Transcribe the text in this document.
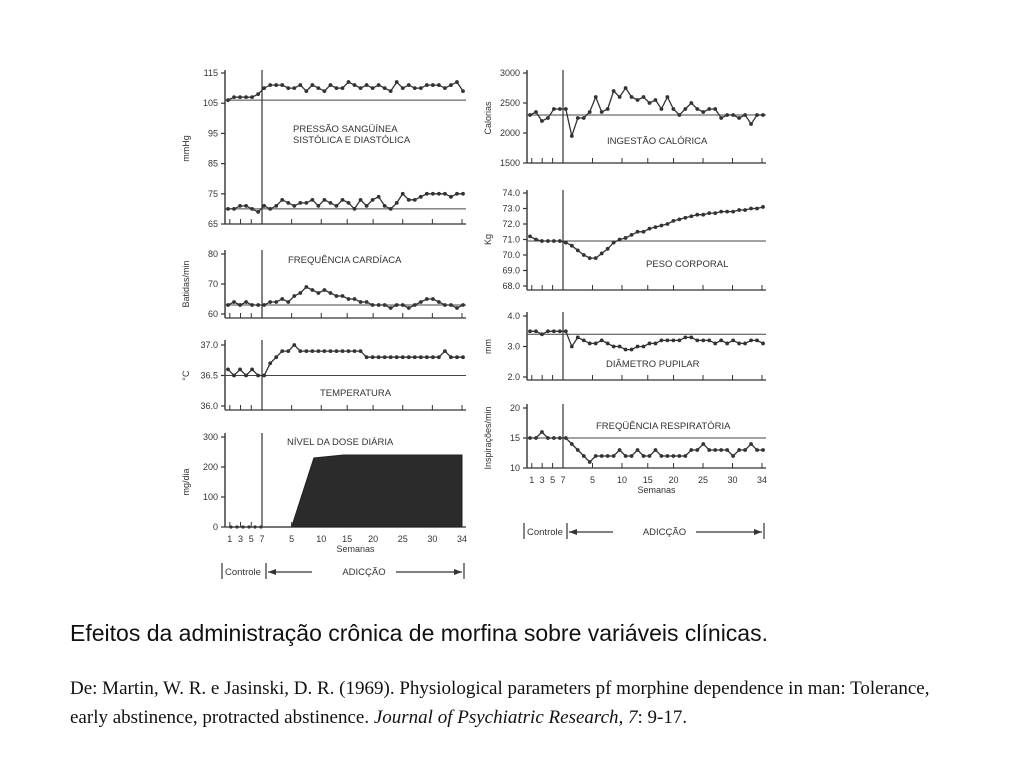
115
105
95
85
75
65
mmHg
PRESSÃO SANGÜÍNEA
SISTÓLICA E DIASTÓLICA
80
70
60
Batidas/min	FREQUÊNCIA CARDÍACA
37.0
36.5
36.0
°C
TEMPERATURA
300
200
100
0
mg/dia
NÍVEL DA DOSE DIÁRIA
1 3 5 7	5 10 15 20 25 30 34
Semanas
Controle	ADICÇÃO
3000
2500
2000
1500
Calorias
INGESTÃO CALÓRICA
74.0
73.0
72.0
71.0
70.0
69.0
68.0
Kg
PESO CORPORAL
4.0
3.0
2.0
mm
DIÂMETRO PUPILAR
20
15
10
Inspirações/min	FREQÜÊNCIA RESPIRATÓRIA
1 3 5 7	5 10 15 20 25 30 34
Semanas
Controle	ADICÇÃO
Efeitos da administração crônica de morfina sobre variáveis clínicas.
De: Martin, W. R. e Jasinski, D. R. (1969). Physiological parameters pf morphine dependence in man: Tolerance, early abstinence, protracted abstinence. Journal of Psychiatric Research, 7: 9-17.
